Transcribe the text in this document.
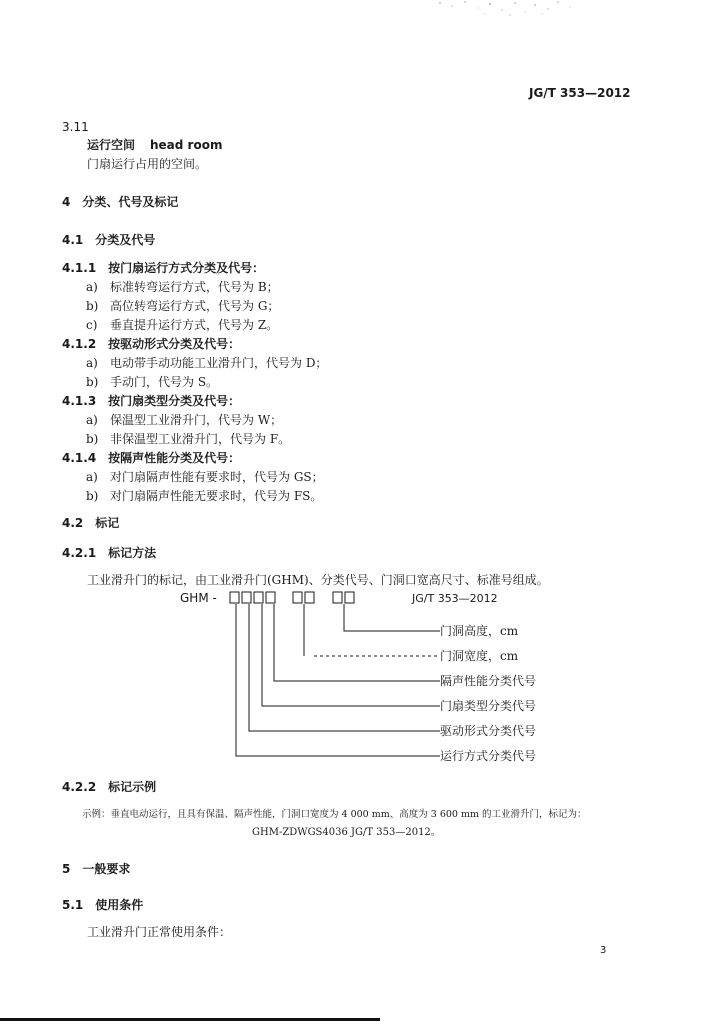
JG/T 353—2012
3.11
运行空间 head room
门扇运行占用的空间。
4　分类、代号及标记
4.1　分类及代号
4.1.1　按门扇运行方式分类及代号：
a) 标准转弯运行方式，代号为 B；
b) 高位转弯运行方式，代号为 G；
c) 垂直提升运行方式，代号为 Z。
4.1.2　按驱动形式分类及代号：
a) 电动带手动功能工业滑升门，代号为 D；
b) 手动门，代号为 S。
4.1.3　按门扇类型分类及代号：
a) 保温型工业滑升门，代号为 W；
b) 非保温型工业滑升门，代号为 F。
4.1.4　按隔声性能分类及代号：
a) 对门扇隔声性能有要求时，代号为 GS；
b) 对门扇隔声性能无要求时，代号为 FS。
4.2　标记
4.2.1　标记方法
工业滑升门的标记，由工业滑升门(GHM)、分类代号、门洞口宽高尺寸、标准号组成。
GHM -	JG/T 353—2012
门洞高度，cm
门洞宽度，cm
隔声性能分类代号
门扇类型分类代号
驱动形式分类代号
运行方式分类代号
4.2.2　标记示例
示例：垂直电动运行，且具有保温、隔声性能，门洞口宽度为 4 000 mm、高度为 3 600 mm 的工业滑升门，标记为：
GHM-ZDWGS4036 JG/T 353—2012。
5　一般要求
5.1　使用条件
工业滑升门正常使用条件：
3
